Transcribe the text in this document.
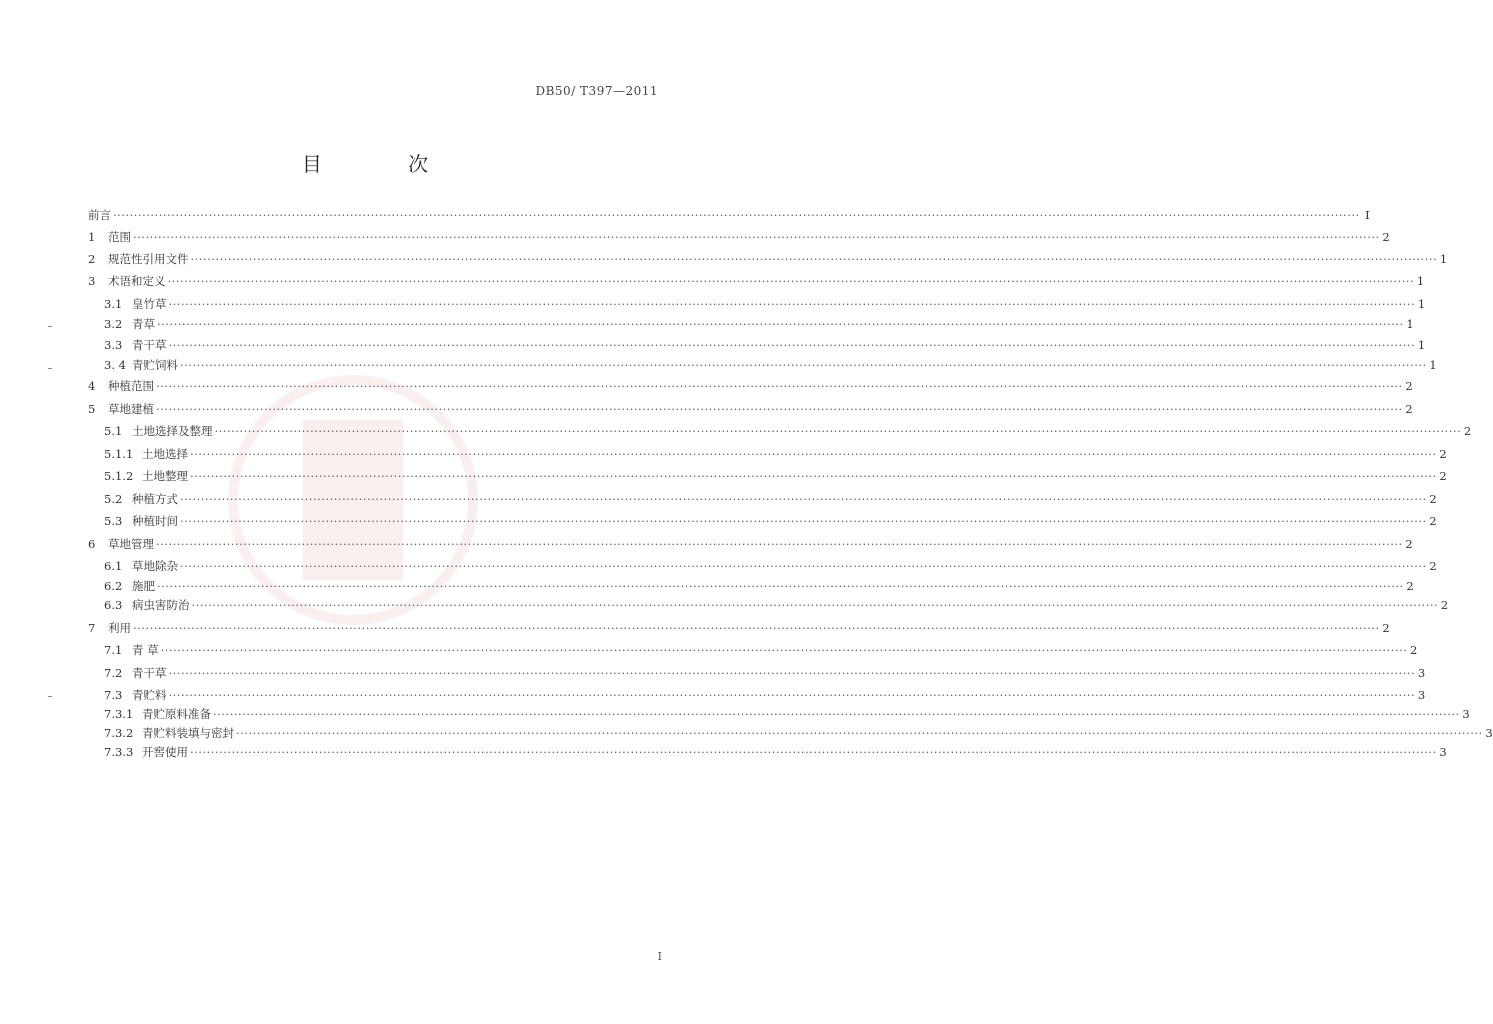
DB50/ T397—2011
目 次
前言 ············································································································································································································································································································ I
1	范围 ············································································································································································································································································································ 2
2	规范性引用文件 ············································································································································································································································································································ 1
3	术语和定义 ············································································································································································································································································································ 1
3.1 皇竹草 ············································································································································································································································································································ 1
3.2 青草 ············································································································································································································································································································ 1
3.3 青干草 ············································································································································································································································································································ 1
3. 4 青贮饲料 ············································································································································································································································································································ 1
4	种植范围 ············································································································································································································································································································ 2
5	草地建植 ············································································································································································································································································································ 2
5.1 土地选择及整理 ············································································································································································································································································································ 2
5.1.1 土地选择 ············································································································································································································································································································ 2
5.1.2 土地整理 ············································································································································································································································································································ 2
5.2 种植方式 ············································································································································································································································································································ 2
5.3 种植时间 ············································································································································································································································································································ 2
6	草地管理 ············································································································································································································································································································ 2
6.1 草地除杂 ············································································································································································································································································································ 2
6.2 施肥 ············································································································································································································································································································ 2
6.3 病虫害防治 ············································································································································································································································································································ 2
7	利用 ············································································································································································································································································································ 2
7.1 青 草 ············································································································································································································································································································ 2
7.2 青干草 ············································································································································································································································································································ 3
7.3 青贮料 ············································································································································································································································································································ 3
7.3.1 青贮原料准备 ············································································································································································································································································································ 3
7.3.2 青贮料装填与密封 ············································································································································································································································································································ 3
7.3.3 开窖使用 ············································································································································································································································································································ 3
I
